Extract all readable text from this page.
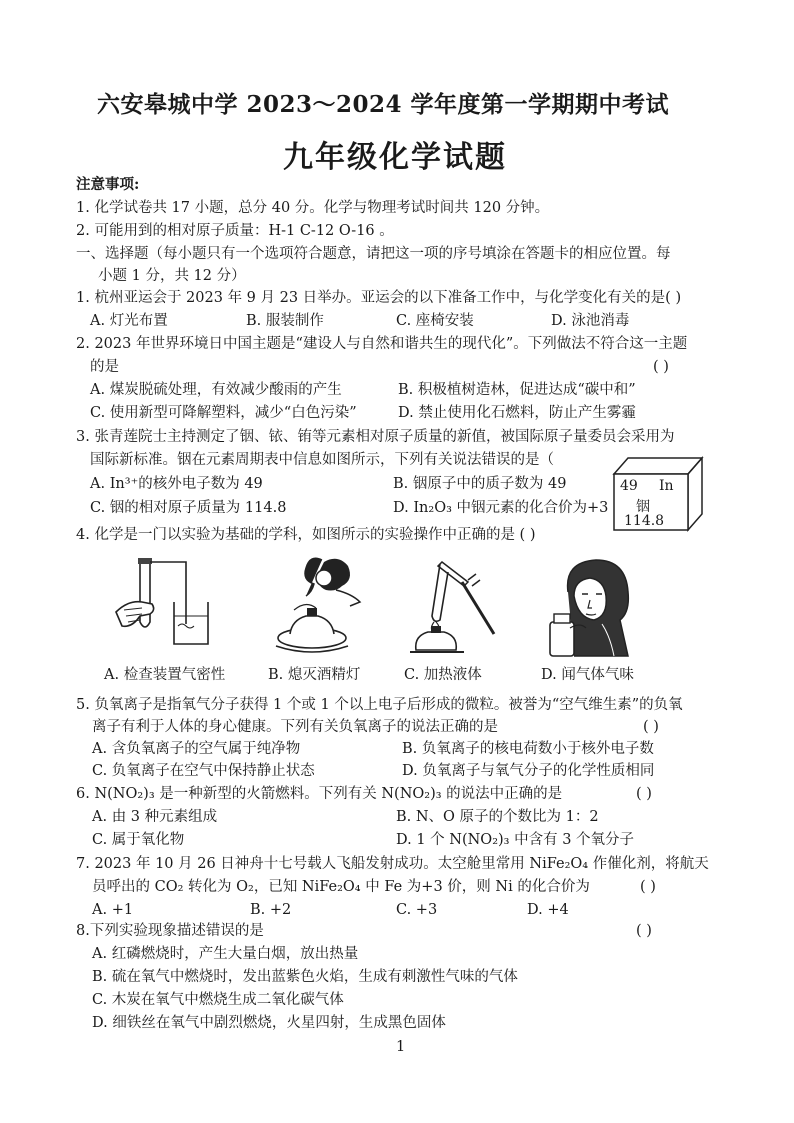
六安皋城中学 2023～2024 学年度第一学期期中考试
九年级化学试题
注意事项:
1. 化学试卷共 17 小题，总分 40 分。化学与物理考试时间共 120 分钟。
2. 可能用到的相对原子质量：H-1 C-12 O-16 。
一、选择题（每小题只有一个选项符合题意，请把这一项的序号填涂在答题卡的相应位置。每
小题 1 分，共 12 分）
1. 杭州亚运会于 2023 年 9 月 23 日举办。亚运会的以下准备工作中，与化学变化有关的是( )
A. 灯光布置	B. 服装制作	C. 座椅安装	D. 泳池消毒
2. 2023 年世界环境日中国主题是“建设人与自然和谐共生的现代化”。下列做法不符合这一主题
的是	( )
A. 煤炭脱硫处理，有效减少酸雨的产生	B. 积极植树造林，促进达成“碳中和”
C. 使用新型可降解塑料，减少“白色污染”	D. 禁止使用化石燃料，防止产生雾霾
3. 张青莲院士主持测定了铟、铱、铕等元素相对原子质量的新值，被国际原子量委员会采用为
国际新标准。铟在元素周期表中信息如图所示，下列有关说法错误的是（
A. In³⁺的核外电子数为 49	B. 铟原子中的质子数为 49
C. 铟的相对原子质量为 114.8	D. In₂O₃ 中铟元素的化合价为+3
49 In
铟
114.8
4. 化学是一门以实验为基础的学科，如图所示的实验操作中正确的是 ( )
A. 检查装置气密性	B. 熄灭酒精灯	C. 加热液体	D. 闻气体气味
5. 负氧离子是指氧气分子获得 1 个或 1 个以上电子后形成的微粒。被誉为“空气维生素”的负氧
离子有利于人体的身心健康。下列有关负氧离子的说法正确的是	( )
A. 含负氧离子的空气属于纯净物	B. 负氧离子的核电荷数小于核外电子数
C. 负氧离子在空气中保持静止状态	D. 负氧离子与氧气分子的化学性质相同
6. N(NO₂)₃ 是一种新型的火箭燃料。下列有关 N(NO₂)₃ 的说法中正确的是	( )
A. 由 3 种元素组成	B. N、O 原子的个数比为 1：2
C. 属于氧化物	D. 1 个 N(NO₂)₃ 中含有 3 个氧分子
7. 2023 年 10 月 26 日神舟十七号载人飞船发射成功。太空舱里常用 NiFe₂O₄ 作催化剂，将航天
员呼出的 CO₂ 转化为 O₂，已知 NiFe₂O₄ 中 Fe 为+3 价，则 Ni 的化合价为	( )
A. +1	B. +2	C. +3	D. +4
8.下列实验现象描述错误的是	( )
A. 红磷燃烧时，产生大量白烟，放出热量
B. 硫在氧气中燃烧时，发出蓝紫色火焰，生成有刺激性气味的气体
C. 木炭在氧气中燃烧生成二氧化碳气体
D. 细铁丝在氧气中剧烈燃烧，火星四射，生成黑色固体
1
